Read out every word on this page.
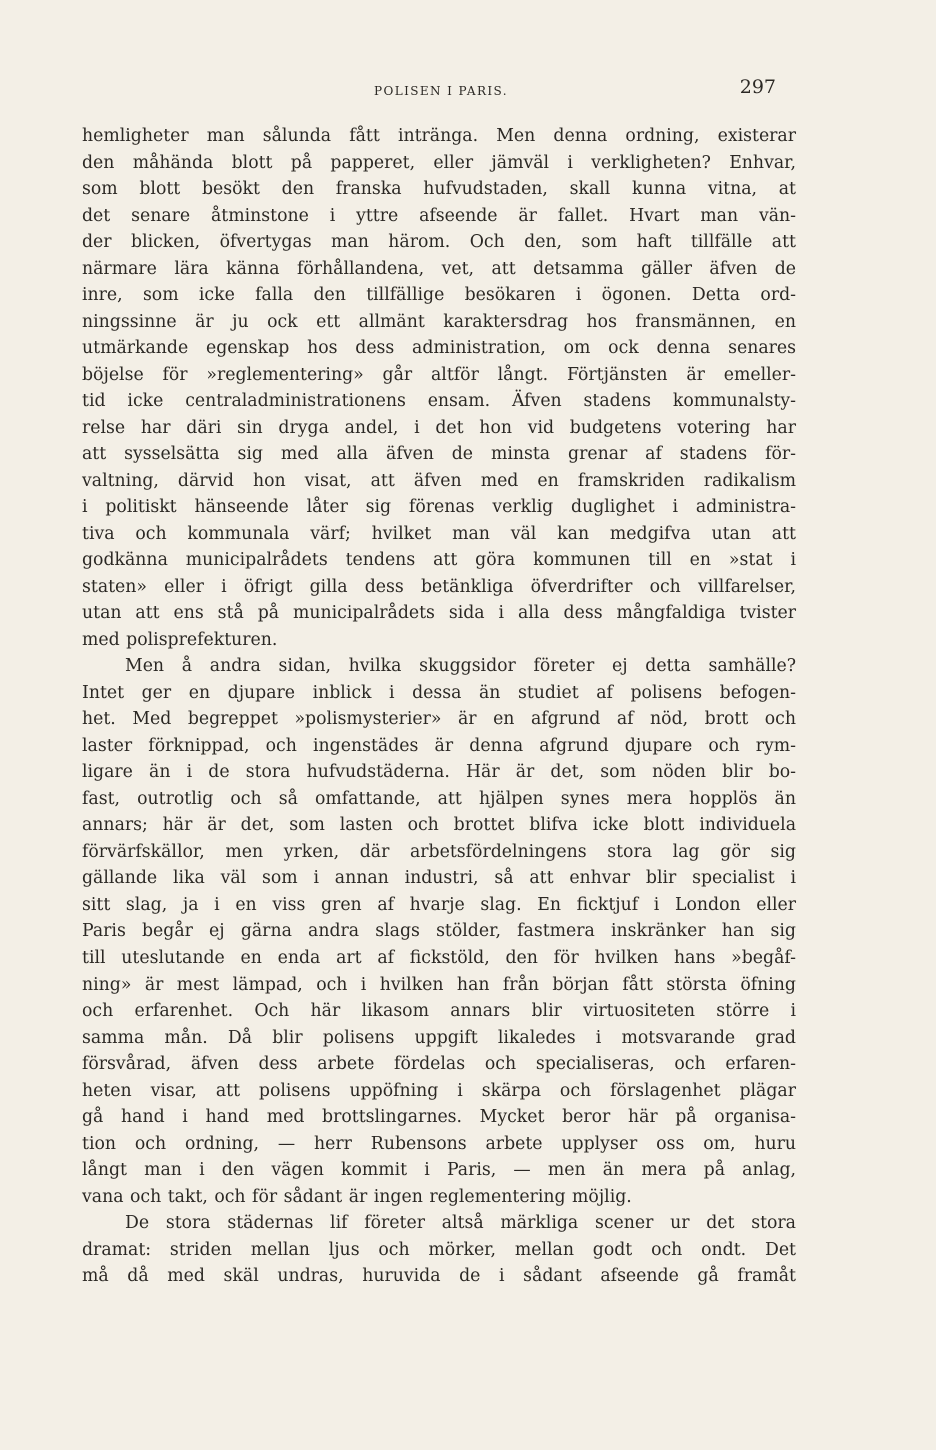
POLISEN I PARIS.	297
hemligheter man sålunda fått intränga. Men denna ordning, existerar
den måhända blott på papperet, eller jämväl i verkligheten? Enhvar,
som blott besökt den franska hufvudstaden, skall kunna vitna, at
det senare åtminstone i yttre afseende är fallet. Hvart man vän-
der blicken, öfvertygas man härom. Och den, som haft tillfälle att
närmare lära känna förhållandena, vet, att detsamma gäller äfven de
inre, som icke falla den tillfällige besökaren i ögonen. Detta ord-
ningssinne är ju ock ett allmänt karaktersdrag hos fransmännen, en
utmärkande egenskap hos dess administration, om ock denna senares
böjelse för »reglementering» går altför långt. Förtjänsten är emeller-
tid icke centraladministrationens ensam. Äfven stadens kommunalsty-
relse har däri sin dryga andel, i det hon vid budgetens votering har
att sysselsätta sig med alla äfven de minsta grenar af stadens för-
valtning, därvid hon visat, att äfven med en framskriden radikalism
i politiskt hänseende låter sig förenas verklig duglighet i administra-
tiva och kommunala värf; hvilket man väl kan medgifva utan att
godkänna municipalrådets tendens att göra kommunen till en »stat i
staten» eller i öfrigt gilla dess betänkliga öfverdrifter och villfarelser,
utan att ens stå på municipalrådets sida i alla dess mångfaldiga tvister
med polisprefekturen.
Men å andra sidan, hvilka skuggsidor företer ej detta samhälle?
Intet ger en djupare inblick i dessa än studiet af polisens befogen-
het. Med begreppet »polismysterier» är en afgrund af nöd, brott och
laster förknippad, och ingenstädes är denna afgrund djupare och rym-
ligare än i de stora hufvudstäderna. Här är det, som nöden blir bo-
fast, outrotlig och så omfattande, att hjälpen synes mera hopplös än
annars; här är det, som lasten och brottet blifva icke blott individuela
förvärfskällor, men yrken, där arbetsfördelningens stora lag gör sig
gällande lika väl som i annan industri, så att enhvar blir specialist i
sitt slag, ja i en viss gren af hvarje slag. En ficktjuf i London eller
Paris begår ej gärna andra slags stölder, fastmera inskränker han sig
till uteslutande en enda art af fickstöld, den för hvilken hans »begåf-
ning» är mest lämpad, och i hvilken han från början fått största öfning
och erfarenhet. Och här likasom annars blir virtuositeten större i
samma mån. Då blir polisens uppgift likaledes i motsvarande grad
försvårad, äfven dess arbete fördelas och specialiseras, och erfaren-
heten visar, att polisens uppöfning i skärpa och förslagenhet plägar
gå hand i hand med brottslingarnes. Mycket beror här på organisa-
tion och ordning, — herr Rubensons arbete upplyser oss om, huru
långt man i den vägen kommit i Paris, — men än mera på anlag,
vana och takt, och för sådant är ingen reglementering möjlig.
De stora städernas lif företer altså märkliga scener ur det stora
dramat: striden mellan ljus och mörker, mellan godt och ondt. Det
må då med skäl undras, huruvida de i sådant afseende gå framåt
